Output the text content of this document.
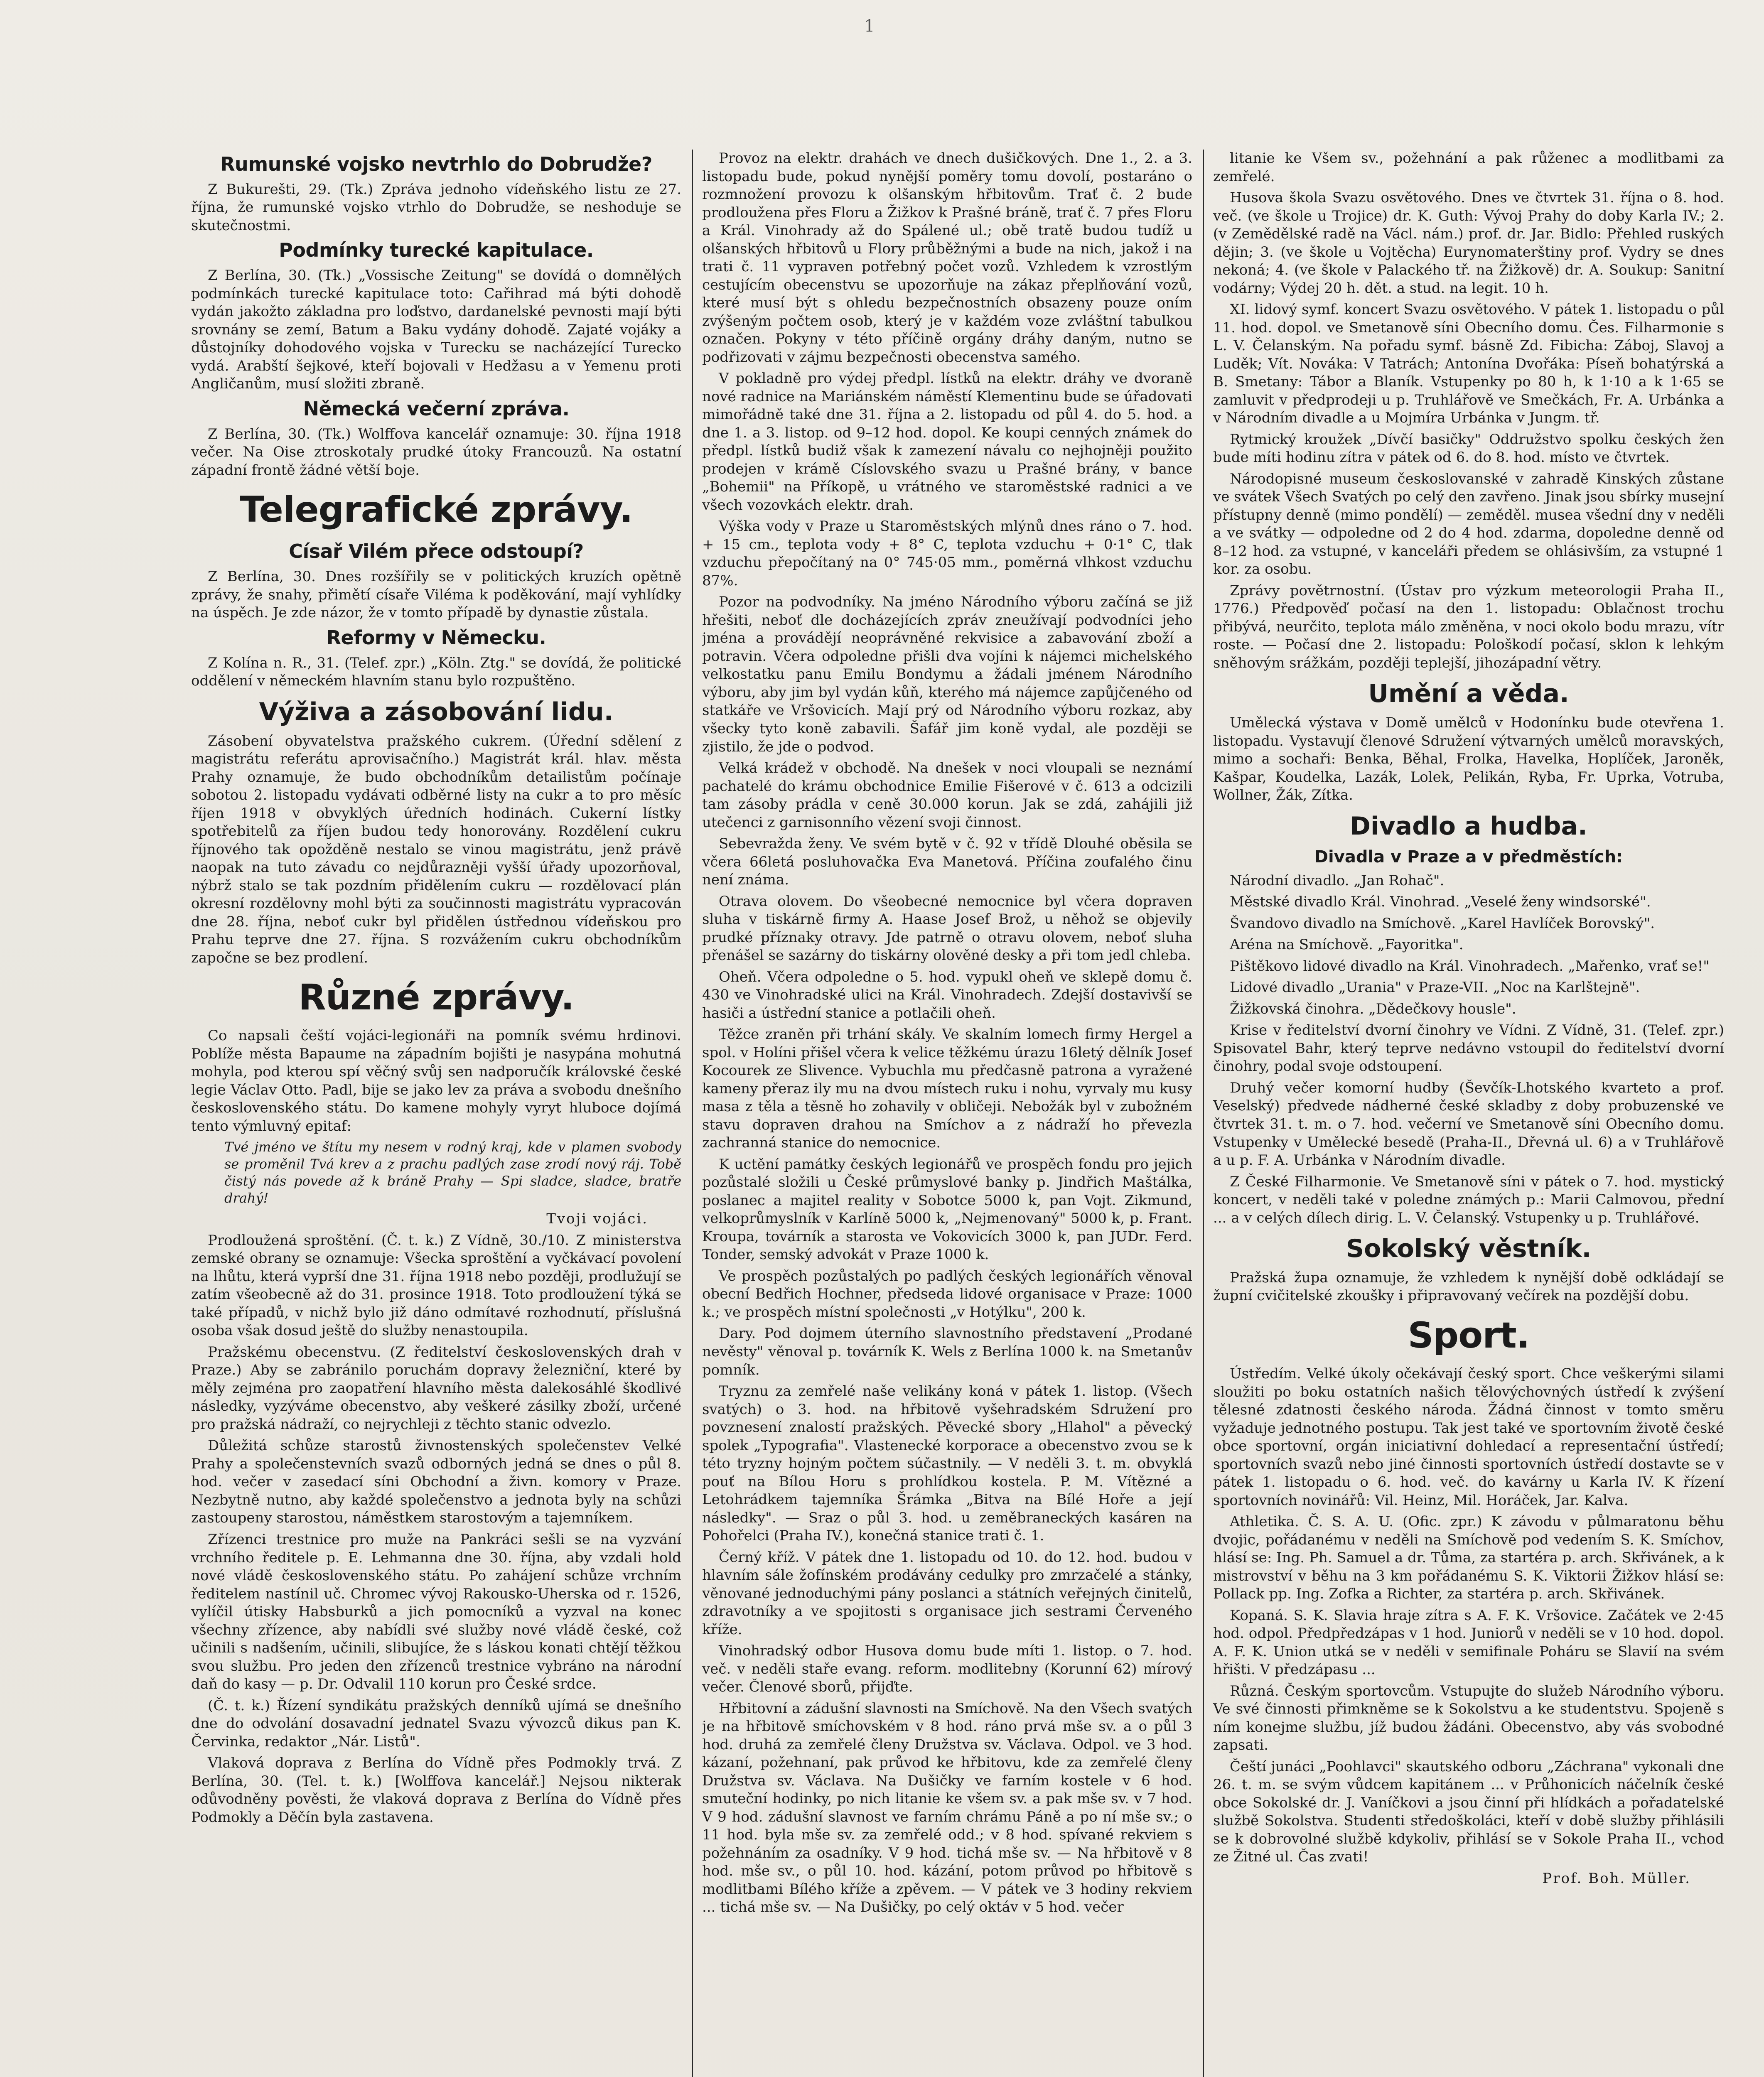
1
Rumunské vojsko nevtrhlo do Dobrudže?

Z Bukurešti, 29. (Tk.) Zpráva jednoho vídeňského listu ze 27. října, že rumunské vojsko vtrhlo do Dobrudže, se neshoduje se skutečnostmi.

Podmínky turecké kapitulace.

Z Berlína, 30. (Tk.) „Vossische Zeitung" se dovídá o domnělých podmínkách turecké kapitulace toto: Cařihrad má býti dohodě vydán jakožto základna pro loďstvo, dardanelské pevnosti mají býti srovnány se zemí, Batum a Baku vydány dohodě. Zajaté vojáky a důstojníky dohodového vojska v Turecku se nacházející Turecko vydá. Arabští šejkové, kteří bojovali v Hedžasu a v Yemenu proti Angličanům, musí složiti zbraně.

Německá večerní zpráva.

Z Berlína, 30. (Tk.) Wolffova kancelář oznamuje: 30. října 1918 večer. Na Oise ztroskotaly prudké útoky Francouzů. Na ostatní západní frontě žádné větší boje.

Telegrafické zprávy.
Císař Vilém přece odstoupí?

Z Berlína, 30. Dnes rozšířily se v politických kruzích opětně zprávy, že snahy, přimětí císaře Viléma k poděkování, mají vyhlídky na úspěch. Je zde názor, že v tomto případě by dynastie zůstala.

Reformy v Německu.

Z Kolína n. R., 31. (Telef. zpr.) „Köln. Ztg." se dovídá, že politické oddělení v německém hlavním stanu bylo rozpuštěno.

Výživa a zásobování lidu.

Zásobení obyvatelstva pražského cukrem. (Úřední sdělení z magistrátu referátu aprovisačního.) Magistrát král. hlav. města Prahy oznamuje, že budo obchodníkům detailistům počínaje sobotou 2. listopadu vydávati odběrné listy na cukr a to pro měsíc říjen 1918 v obvyklých úředních hodinách. Cukerní lístky spotřebitelů za říjen budou tedy honorovány. Rozdělení cukru říjnového tak opožděně nestalo se vinou magistrátu, jenž právě naopak na tuto závadu co nejdůrazněji vyšší úřady upozorňoval, nýbrž stalo se tak pozdním přidělením cukru — rozdělovací plán okresní rozdělovny mohl býti za součinnosti magistrátu vypracován dne 28. října, neboť cukr byl přidělen ústřednou vídeňskou pro Prahu teprve dne 27. října. S rozvážením cukru obchodníkům započne se bez prodlení.

Různé zprávy.

Co napsali čeští vojáci-legionáři na pomník svému hrdinovi. Poblíže města Bapaume na západním bojišti je nasypána mohutná mohyla, pod kterou spí věčný svůj sen nadporučík královské české legie Václav Otto. Padl, bije se jako lev za práva a svobodu dnešního československého státu. Do kamene mohyly vyryt hluboce dojímá tento výmluvný epitaf:

Tvé jméno ve štítu my nesem v rodný kraj, kde v plamen svobody se proměnil Tvá krev a z prachu padlých zase zrodí nový ráj. Tobě čistý nás povede až k bráně Prahy — Spi sladce, sladce, bratře drahý!
Tvoji vojáci.

Prodloužená sproštění. (Č. t. k.) Z Vídně, 30./10. Z ministerstva zemské obrany se oznamuje: Všecka sproštění a vyčkávací povolení na lhůtu, která vyprší dne 31. října 1918 nebo později, prodlužují se zatím všeobecně až do 31. prosince 1918. Toto prodloužení týká se také případů, v nichž bylo již dáno odmítavé rozhodnutí, příslušná osoba však dosud ještě do služby nenastoupila.

Pražskému obecenstvu. (Z ředitelství československých drah v Praze.) Aby se zabránilo poruchám dopravy železniční, které by měly zejména pro zaopatření hlavního města dalekosáhlé škodlivé následky, vyzýváme obecenstvo, aby veškeré zásilky zboží, určené pro pražská nádraží, co nejrychleji z těchto stanic odvezlo.

Důležitá schůze starostů živnostenských společenstev Velké Prahy a společenstevních svazů odborných jedná se dnes o půl 8. hod. večer v zasedací síni Obchodní a živn. komory v Praze. Nezbytně nutno, aby každé společenstvo a jednota byly na schůzi zastoupeny starostou, náměstkem starostovým a tajemníkem.

Zřízenci trestnice pro muže na Pankráci sešli se na vyzvání vrchního ředitele p. E. Lehmanna dne 30. října, aby vzdali hold nové vládě československého státu. Po zahájení schůze vrchním ředitelem nastínil uč. Chromec vývoj Rakousko-Uherska od r. 1526, vylíčil útisky Habsburků a jich pomocníků a vyzval na konec všechny zřízence, aby nabídli své služby nové vládě české, což učinili s nadšením, učinili, slibujíce, že s láskou konati chtějí těžkou svou službu. Pro jeden den zřízenců trestnice vybráno na národní daň do kasy — p. Dr. Odvalil 110 korun pro České srdce.

(Č. t. k.) Řízení syndikátu pražských denníků ujímá se dnešního dne do odvolání dosavadní jednatel Svazu vývozců dikus pan K. Červinka, redaktor „Nár. Listů".

Vlaková doprava z Berlína do Vídně přes Podmokly trvá. Z Berlína, 30. (Tel. t. k.) [Wolffova kancelář.] Nejsou nikterak odůvodněny pověsti, že vlaková doprava z Berlína do Vídně přes Podmokly a Děčín byla zastavena.

Provoz na elektr. drahách ve dnech dušičkových. Dne 1., 2. a 3. listopadu bude, pokud nynější poměry tomu dovolí, postaráno o rozmnožení provozu k olšanským hřbitovům. Trať č. 2 bude prodloužena přes Floru a Žižkov k Prašné bráně, trať č. 7 přes Floru a Král. Vinohrady až do Spálené ul.; obě tratě budou tudíž u olšanských hřbitovů u Flory průběžnými a bude na nich, jakož i na trati č. 11 vypraven potřebný počet vozů. Vzhledem k vzrostlým cestujícím obecenstvu se upozorňuje na zákaz přeplňování vozů, které musí být s ohledu bezpečnostních obsazeny pouze oním zvýšeným počtem osob, který je v každém voze zvláštní tabulkou označen. Pokyny v této příčině orgány dráhy daným, nutno se podřizovati v zájmu bezpečnosti obecenstva samého.

V pokladně pro výdej předpl. lístků na elektr. dráhy ve dvoraně nové radnice na Mariánském náměstí Klementinu bude se úřadovati mimořádně také dne 31. října a 2. listopadu od půl 4. do 5. hod. a dne 1. a 3. listop. od 9–12 hod. dopol. Ke koupi cenných známek do předpl. lístků budiž však k zamezení návalu co nejhojněji použito prodejen v krámě Císlovského svazu u Prašné brány, v bance „Bohemii" na Příkopě, u vrátného ve staroměstské radnici a ve všech vozovkách elektr. drah.

Výška vody v Praze u Staroměstských mlýnů dnes ráno o 7. hod. + 15 cm., teplota vody + 8° C, teplota vzduchu + 0·1° C, tlak vzduchu přepočítaný na 0° 745·05 mm., poměrná vlhkost vzduchu 87%.

Pozor na podvodníky. Na jméno Národního výboru začíná se již hřešiti, neboť dle docházejících zpráv zneužívají podvodníci jeho jména a provádějí neoprávněné rekvisice a zabavování zboží a potravin. Včera odpoledne přišli dva vojíni k nájemci michelského velkostatku panu Emilu Bondymu a žádali jménem Národního výboru, aby jim byl vydán kůň, kterého má nájemce zapůjčeného od statkáře ve Vršovicích. Mají prý od Národního výboru rozkaz, aby všecky tyto koně zabavili. Šafář jim koně vydal, ale později se zjistilo, že jde o podvod.

Velká krádež v obchodě. Na dnešek v noci vloupali se neznámí pachatelé do krámu obchodnice Emilie Fišerové v č. 613 a odcizili tam zásoby prádla v ceně 30.000 korun. Jak se zdá, zahájili již utečenci z garnisonního vězení svoji činnost.

Sebevražda ženy. Ve svém bytě v č. 92 v třídě Dlouhé oběsila se včera 66letá posluhovačka Eva Manetová. Příčina zoufalého činu není známa.

Otrava olovem. Do všeobecné nemocnice byl včera dopraven sluha v tiskárně firmy A. Haase Josef Brož, u něhož se objevily prudké příznaky otravy. Jde patrně o otravu olovem, neboť sluha přenášel se sazárny do tiskárny olověné desky a při tom jedl chleba.

Oheň. Včera odpoledne o 5. hod. vypukl oheň ve sklepě domu č. 430 ve Vinohradské ulici na Král. Vinohradech. Zdejší dostavivší se hasiči a ústřední stanice a potlačili oheň.

Těžce zraněn při trhání skály. Ve skalním lomech firmy Hergel a spol. v Holíni přišel včera k velice těžkému úrazu 16letý dělník Josef Kocourek ze Slivence. Vybuchla mu předčasně patrona a vyražené kameny přeraz ily mu na dvou místech ruku i nohu, vyrvaly mu kusy masa z těla a těsně ho zohavily v obličeji. Nebožák byl v zubožném stavu dopraven drahou na Smíchov a z nádraží ho převezla zachranná stanice do nemocnice.

K uctění památky českých legionářů ve prospěch fondu pro jejich pozůstalé složili u České průmyslové banky p. Jindřich Maštálka, poslanec a majitel reality v Sobotce 5000 k, pan Vojt. Zikmund, velkoprůmyslník v Karlíně 5000 k, „Nejmenovaný" 5000 k, p. Frant. Kroupa, továrník a starosta ve Vokovicích 3000 k, pan JUDr. Ferd. Tonder, semský advokát v Praze 1000 k.

Ve prospěch pozůstalých po padlých českých legionářích věnoval obecní Bedřich Hochner, předseda lidové organisace v Praze: 1000 k.; ve prospěch místní společnosti „v Hotýlku", 200 k.

Dary. Pod dojmem úterního slavnostního představení „Prodané nevěsty" věnoval p. továrník K. Wels z Berlína 1000 k. na Smetanův pomník.

Tryznu za zemřelé naše velikány koná v pátek 1. listop. (Všech svatých) o 3. hod. na hřbitově vyšehradském Sdružení pro povznesení znalostí pražských. Pěvecké sbory „Hlahol" a pěvecký spolek „Typografia". Vlastenecké korporace a obecenstvo zvou se k této tryzny hojným počtem súčastnily. — V neděli 3. t. m. obvyklá pouť na Bílou Horu s prohlídkou kostela. P. M. Vítězné a Letohrádkem tajemníka Šrámka „Bitva na Bílé Hoře a její následky". — Sraz o půl 3. hod. u zeměbraneckých kasáren na Pohořelci (Praha IV.), konečná stanice trati č. 1.

Černý kříž. V pátek dne 1. listopadu od 10. do 12. hod. budou v hlavním sále žofínském prodávány cedulky pro zmrzačelé a stánky, věnované jednoduchými pány poslanci a státních veřejných činitelů, zdravotníky a ve spojitosti s organisace jich sestrami Červeného kříže.

Vinohradský odbor Husova domu bude míti 1. listop. o 7. hod. več. v neděli staře evang. reform. modlitebny (Korunní 62) mírový večer. Členové sborů, přijďte.

Hřbitovní a zádušní slavnosti na Smíchově. Na den Všech svatých je na hřbitově smíchovském v 8 hod. ráno prvá mše sv. a o půl 3 hod. druhá za zemřelé členy Družstva sv. Václava. Odpol. ve 3 hod. kázaní, požehnaní, pak průvod ke hřbitovu, kde za zemřelé členy Družstva sv. Václava. Na Dušičky ve farním kostele v 6 hod. smuteční hodinky, po nich litanie ke všem sv. a pak mše sv. v 7 hod. V 9 hod. zádušní slavnost ve farním chrámu Páně a po ní mše sv.; o 11 hod. byla mše sv. za zemřelé odd.; v 8 hod. spívané rekviem s požehnáním za osadníky. V 9 hod. tichá mše sv. — Na hřbitově v 8 hod. mše sv., o půl 10. hod. kázání, potom průvod po hřbitově s modlitbami Bílého kříže a zpěvem. — V pátek ve 3 hodiny rekviem ... tichá mše sv. — Na Dušičky, po celý oktáv v 5 hod. večer

litanie ke Všem sv., požehnání a pak růženec a modlitbami za zemřelé.

Husova škola Svazu osvětového. Dnes ve čtvrtek 31. října o 8. hod. več. (ve škole u Trojice) dr. K. Guth: Vývoj Prahy do doby Karla IV.; 2. (v Zemědělské radě na Václ. nám.) prof. dr. Jar. Bidlo: Přehled ruských dějin; 3. (ve škole u Vojtěcha) Eurynomaterštiny prof. Vydry se dnes nekoná; 4. (ve škole v Palackého tř. na Žižkově) dr. A. Soukup: Sanitní vodárny; Výdej 20 h. dět. a stud. na legit. 10 h.

XI. lidový symf. koncert Svazu osvětového. V pátek 1. listopadu o půl 11. hod. dopol. ve Smetanově síni Obecního domu. Čes. Filharmonie s L. V. Čelanským. Na pořadu symf. básně Zd. Fibicha: Záboj, Slavoj a Luděk; Vít. Nováka: V Tatrách; Antonína Dvořáka: Píseň bohatýrská a B. Smetany: Tábor a Blaník. Vstupenky po 80 h, k 1·10 a k 1·65 se zamluvit v předprodeji u p. Truhlářově ve Smečkách, Fr. A. Urbánka a v Národním divadle a u Mojmíra Urbánka v Jungm. tř.

Rytmický kroužek „Dívčí basičky" Oddružstvo spolku českých žen bude míti hodinu zítra v pátek od 6. do 8. hod. místo ve čtvrtek.

Národopisné museum českoslovanské v zahradě Kinských zůstane ve svátek Všech Svatých po celý den zavřeno. Jinak jsou sbírky musejní přístupny denně (mimo pondělí) — zeměděl. musea všední dny v neděli a ve svátky — odpoledne od 2 do 4 hod. zdarma, dopoledne denně od 8–12 hod. za vstupné, v kanceláři předem se ohlásivším, za vstupné 1 kor. za osobu.

Zprávy povětrnostní. (Ústav pro výzkum meteorologii Praha II., 1776.) Předpověď počasí na den 1. listopadu: Oblačnost trochu přibývá, neurčito, teplota málo změněna, v noci okolo bodu mrazu, vítr roste. — Počasí dne 2. listopadu: Pološkodí počasí, sklon k lehkým sněhovým srážkám, později teplejší, jihozápadní větry.

Umění a věda.

Umělecká výstava v Domě umělců v Hodonínku bude otevřena 1. listopadu. Vystavují členové Sdružení výtvarných umělců moravských, mimo a sochaři: Benka, Běhal, Frolka, Havelka, Hoplíček, Jaroněk, Kašpar, Koudelka, Lazák, Lolek, Pelikán, Ryba, Fr. Uprka, Votruba, Wollner, Žák, Zítka.

Divadlo a hudba.
Divadla v Praze a v předměstích:

Národní divadlo. „Jan Rohač".

Městské divadlo Král. Vinohrad. „Veselé ženy windsorské".

Švandovo divadlo na Smíchově. „Karel Havlíček Borovský".

Aréna na Smíchově. „Fayoritka".

Pištěkovo lidové divadlo na Král. Vinohradech. „Mařenko, vrať se!"

Lidové divadlo „Urania" v Praze-VII. „Noc na Karlštejně".

Žižkovská činohra. „Dědečkovy housle".

Krise v ředitelství dvorní činohry ve Vídni. Z Vídně, 31. (Telef. zpr.) Spisovatel Bahr, který teprve nedávno vstoupil do ředitelství dvorní činohry, podal svoje odstoupení.

Druhý večer komorní hudby (Ševčík-Lhotského kvarteto a prof. Veselský) předvede nádherné české skladby z doby probuzenské ve čtvrtek 31. t. m. o 7. hod. večerní ve Smetanově síni Obecního domu. Vstupenky v Umělecké besedě (Praha-II., Dřevná ul. 6) a v Truhlářově a u p. F. A. Urbánka v Národním divadle.

Z České Filharmonie. Ve Smetanově síni v pátek o 7. hod. mystický koncert, v neděli také v poledne známých p.: Marii Calmovou, přední ... a v celých dílech dirig. L. V. Čelanský. Vstupenky u p. Truhlářové.

Sokolský věstník.

Pražská župa oznamuje, že vzhledem k nynější době odkládají se župní cvičitelské zkoušky i připravovaný večírek na pozdější dobu.

Sport.

Ústředím. Velké úkoly očekávají český sport. Chce veškerými silami sloužiti po boku ostatních našich tělovýchovných ústředí k zvýšení tělesné zdatnosti českého národa. Žádná činnost v tomto směru vyžaduje jednotného postupu. Tak jest také ve sportovním životě české obce sportovní, orgán iniciativní dohledací a representační ústředí; sportovních svazů nebo jiné činnosti sportovních ústředí dostavte se v pátek 1. listopadu o 6. hod. več. do kavárny u Karla IV. K řízení sportovních novinářů: Vil. Heinz, Mil. Horáček, Jar. Kalva.

Athletika. Č. S. A. U. (Ofic. zpr.) K závodu v půlmaratonu běhu dvojic, pořádanému v neděli na Smíchově pod vedením S. K. Smíchov, hlásí se: Ing. Ph. Samuel a dr. Tůma, za startéra p. arch. Skřivánek, a k mistrovství v běhu na 3 km pořádanému S. K. Viktorii Žižkov hlásí se: Pollack pp. Ing. Zofka a Richter, za startéra p. arch. Skřivánek.

Kopaná. S. K. Slavia hraje zítra s A. F. K. Vršovice. Začátek ve 2·45 hod. odpol. Předpředzápas v 1 hod. Juniorů v neděli se v 10 hod. dopol. A. F. K. Union utká se v neděli v semifinale Poháru se Slavií na svém hřišti. V předzápasu ...

Různá. Českým sportovcům. Vstupujte do služeb Národního výboru. Ve své činnosti přimkněme se k Sokolstvu a ke studentstvu. Spojeně s ním konejme službu, jíž budou žádáni. Obecenstvo, aby vás svobodné zapsati.

Čeští junáci „Poohlavci" skautského odboru „Záchrana" vykonali dne 26. t. m. se svým vůdcem kapitánem ... v Průhonicích náčelník české obce Sokolské dr. J. Vaníčkovi a jsou činní při hlídkách a pořadatelské službě Sokolstva. Studenti středoškoláci, kteří v době služby přihlásili se k dobrovolné službě kdykoliv, přihlásí se v Sokole Praha II., vchod ze Žitné ul. Čas zvati!

Prof. Boh. Müller.
